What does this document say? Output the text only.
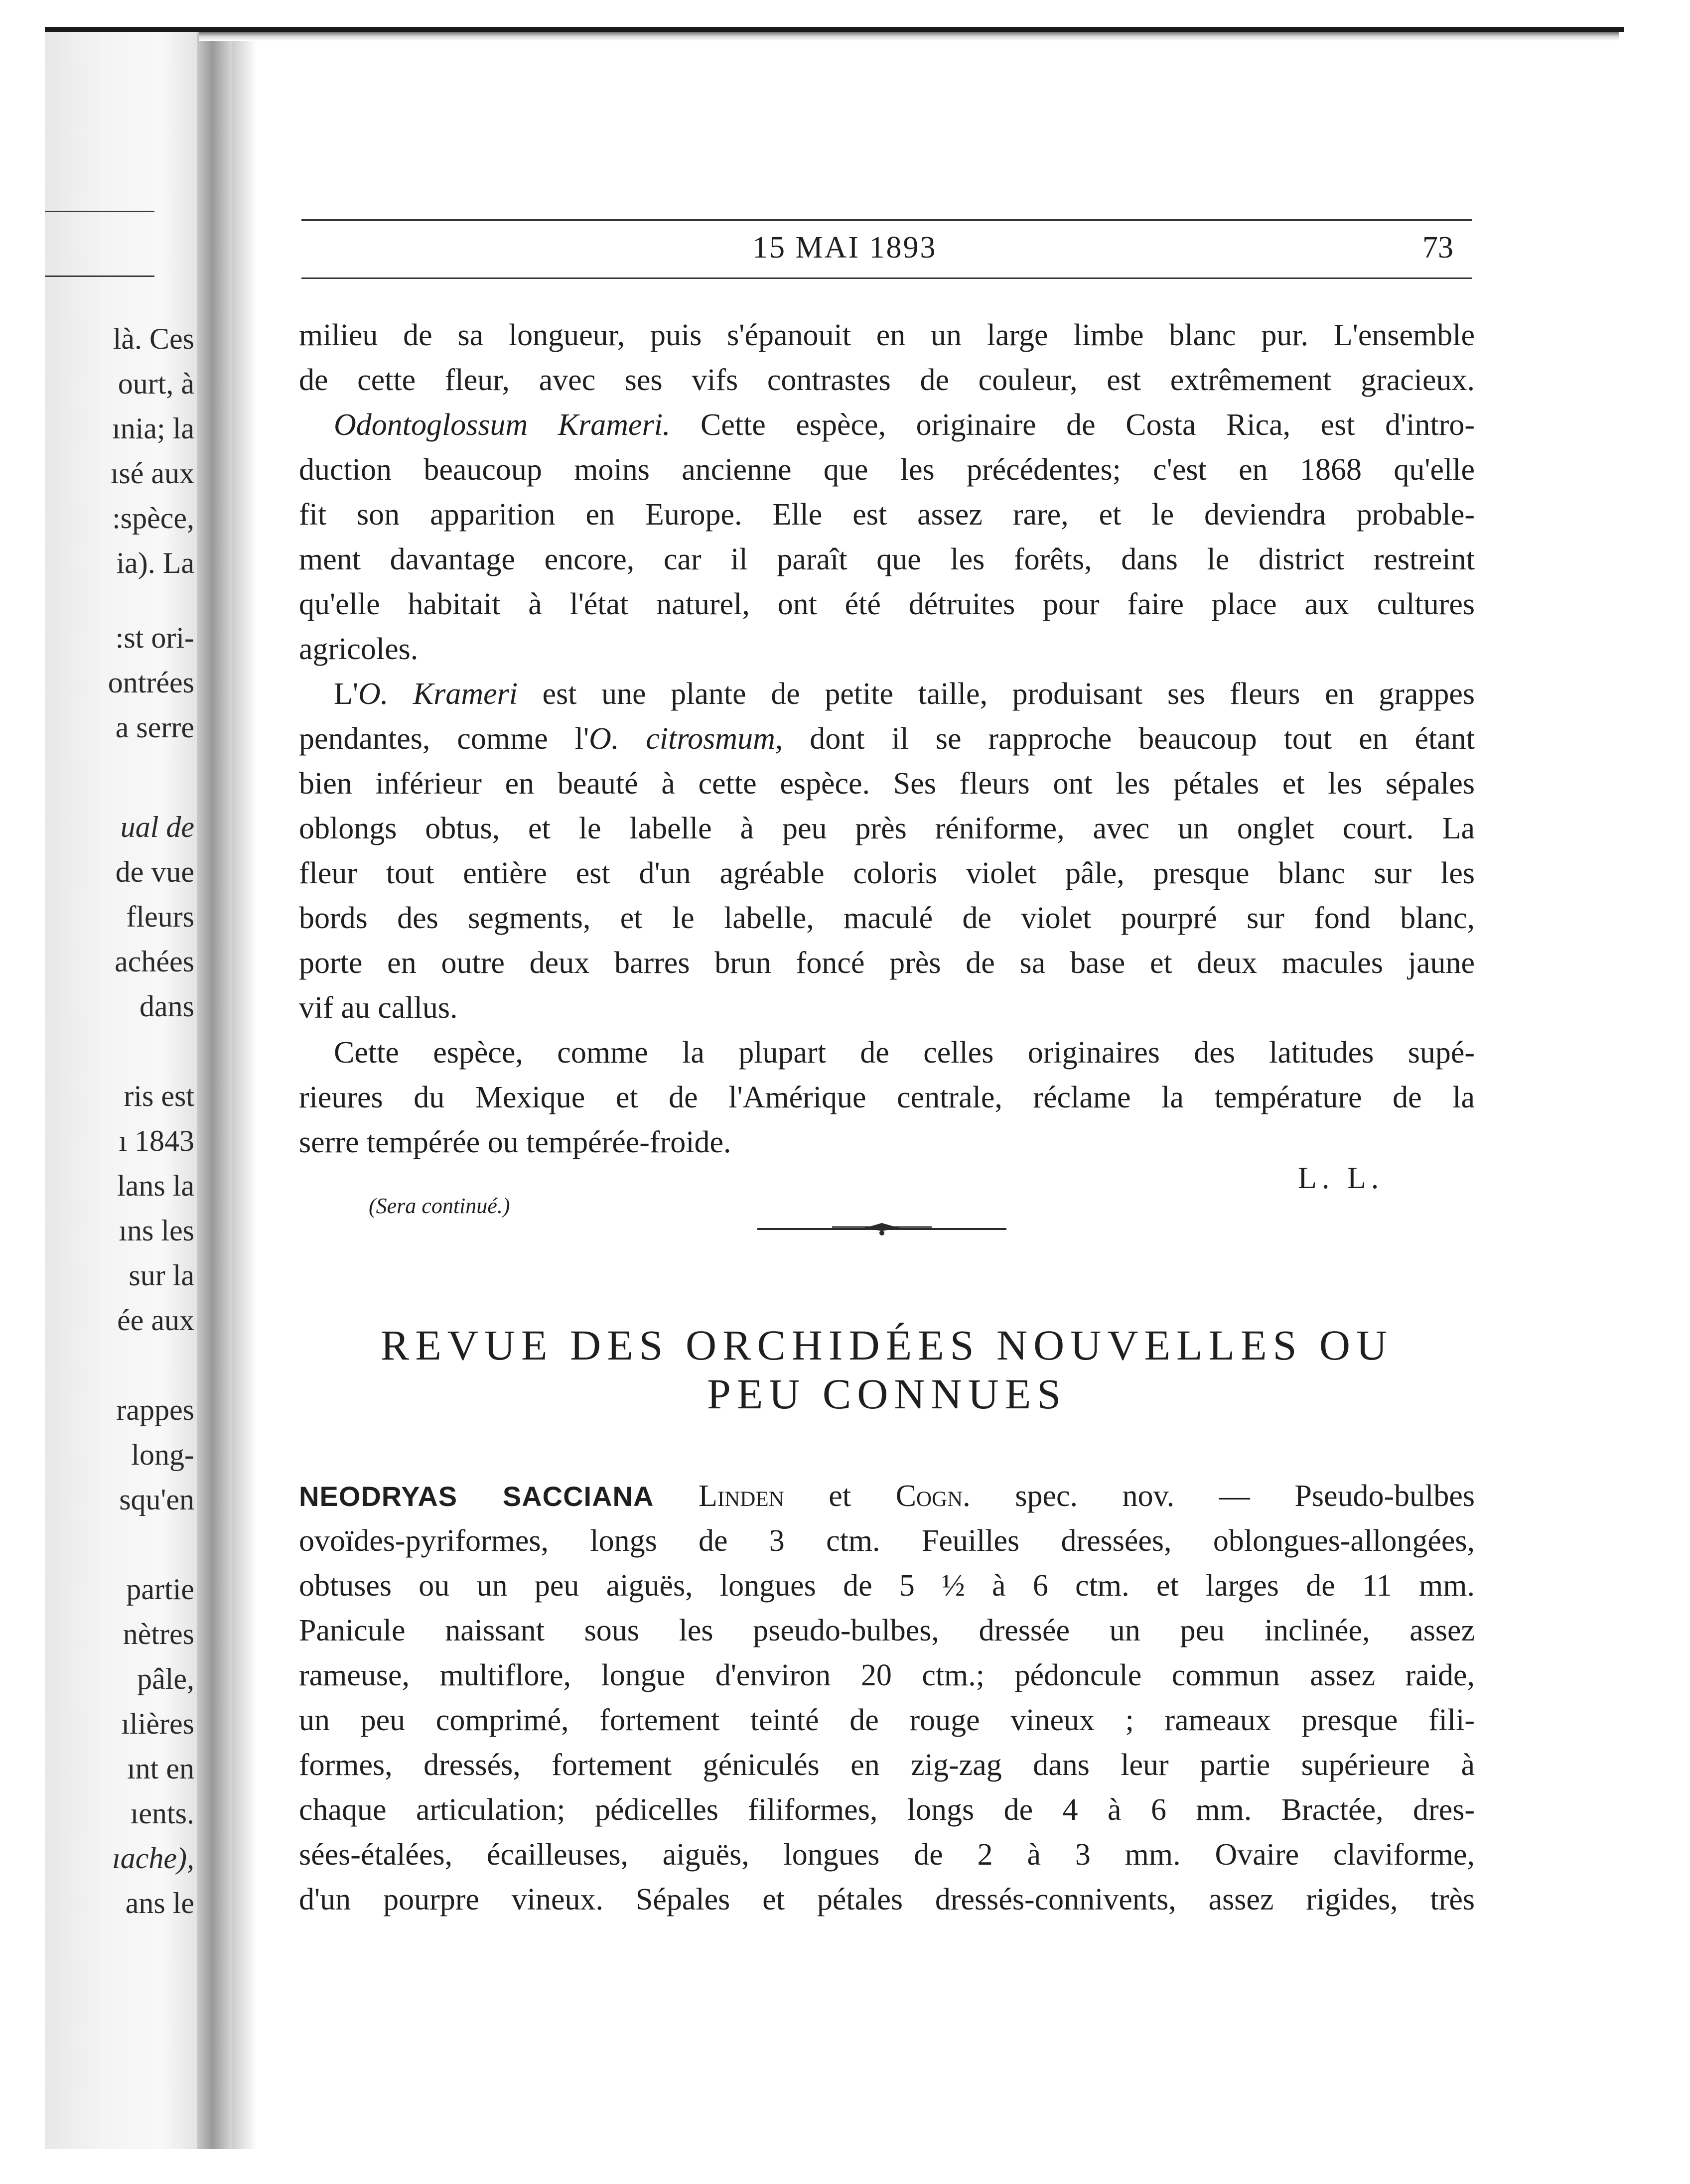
là. Ces
ourt, à
ınia; la
ısé aux
:spèce,
ia). La
:st ori-
ontrées
a serre
ual de
de vue
fleurs
achées
dans
ris est
ı 1843
lans la
ıns les
sur la
ée aux
rappes
long-
squ'en
partie
nètres
pâle,
ılières
ınt en
ıents.
ıache),
ans le
15 MAI 1893	73
milieu de sa longueur, puis s'épanouit en un large limbe blanc pur. L'ensemble
de cette fleur, avec ses vifs contrastes de couleur, est extrêmement gracieux.
Odontoglossum Krameri. Cette espèce, originaire de Costa Rica, est d'intro-
duction beaucoup moins ancienne que les précédentes; c'est en 1868 qu'elle
fit son apparition en Europe. Elle est assez rare, et le deviendra probable-
ment davantage encore, car il paraît que les forêts, dans le district restreint
qu'elle habitait à l'état naturel, ont été détruites pour faire place aux cultures
agricoles.
L'O. Krameri est une plante de petite taille, produisant ses fleurs en grappes
pendantes, comme l'O. citrosmum, dont il se rapproche beaucoup tout en étant
bien inférieur en beauté à cette espèce. Ses fleurs ont les pétales et les sépales
oblongs obtus, et le labelle à peu près réniforme, avec un onglet court. La
fleur tout entière est d'un agréable coloris violet pâle, presque blanc sur les
bords des segments, et le labelle, maculé de violet pourpré sur fond blanc,
porte en outre deux barres brun foncé près de sa base et deux macules jaune
vif au callus.
Cette espèce, comme la plupart de celles originaires des latitudes supé-
rieures du Mexique et de l'Amérique centrale, réclame la température de la
serre tempérée ou tempérée-froide.
L. L.
(Sera continué.)
REVUE DES ORCHIDÉES NOUVELLES OU
PEU CONNUES
NEODRYAS SACCIANA Linden et Cogn. spec. nov. — Pseudo-bulbes
ovoïdes-pyriformes, longs de 3 ctm. Feuilles dressées, oblongues-allongées,
obtuses ou un peu aiguës, longues de 5 ½ à 6 ctm. et larges de 11 mm.
Panicule naissant sous les pseudo-bulbes, dressée un peu inclinée, assez
rameuse, multiflore, longue d'environ 20 ctm.; pédoncule commun assez raide,
un peu comprimé, fortement teinté de rouge vineux ; rameaux presque fili-
formes, dressés, fortement géniculés en zig-zag dans leur partie supérieure à
chaque articulation; pédicelles filiformes, longs de 4 à 6 mm. Bractée, dres-
sées-étalées, écailleuses, aiguës, longues de 2 à 3 mm. Ovaire claviforme,
d'un pourpre vineux. Sépales et pétales dressés-connivents, assez rigides, très
